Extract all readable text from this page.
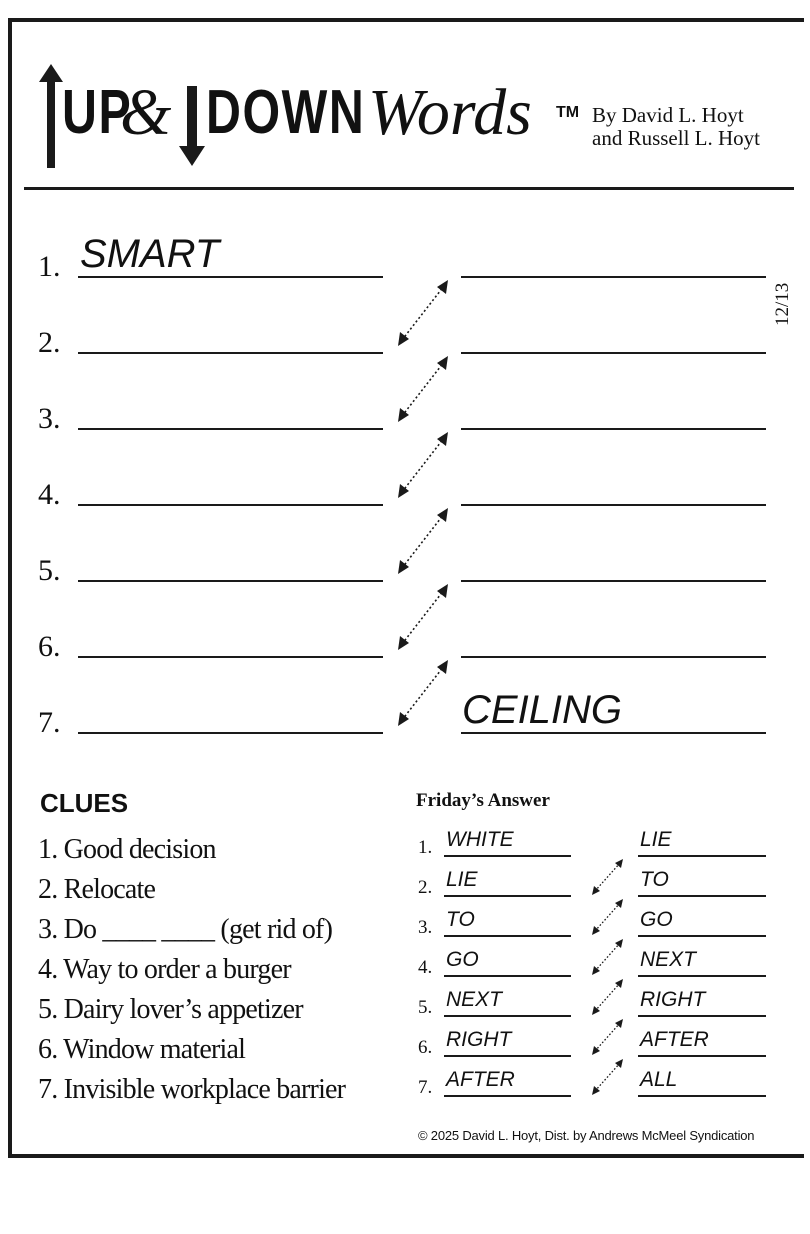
UP
& DOWN Words TM By David L. Hoyt
and Russell L. Hoyt
12/13
1. SMART
2.
3.
4.
5.
6.
7.	CEILING
CLUES
1. Good decision
2. Relocate
3. Do ____ ____ (get rid of)
4. Way to order a burger
5. Dairy lover’s appetizer
6. Window material
7. Invisible workplace barrier
Friday’s Answer
1. WHITE	LIE
2. LIE	TO
3. TO	GO
4. GO	NEXT
5. NEXT	RIGHT
6. RIGHT	AFTER
7. AFTER	ALL
© 2025 David L. Hoyt, Dist. by Andrews McMeel Syndication
